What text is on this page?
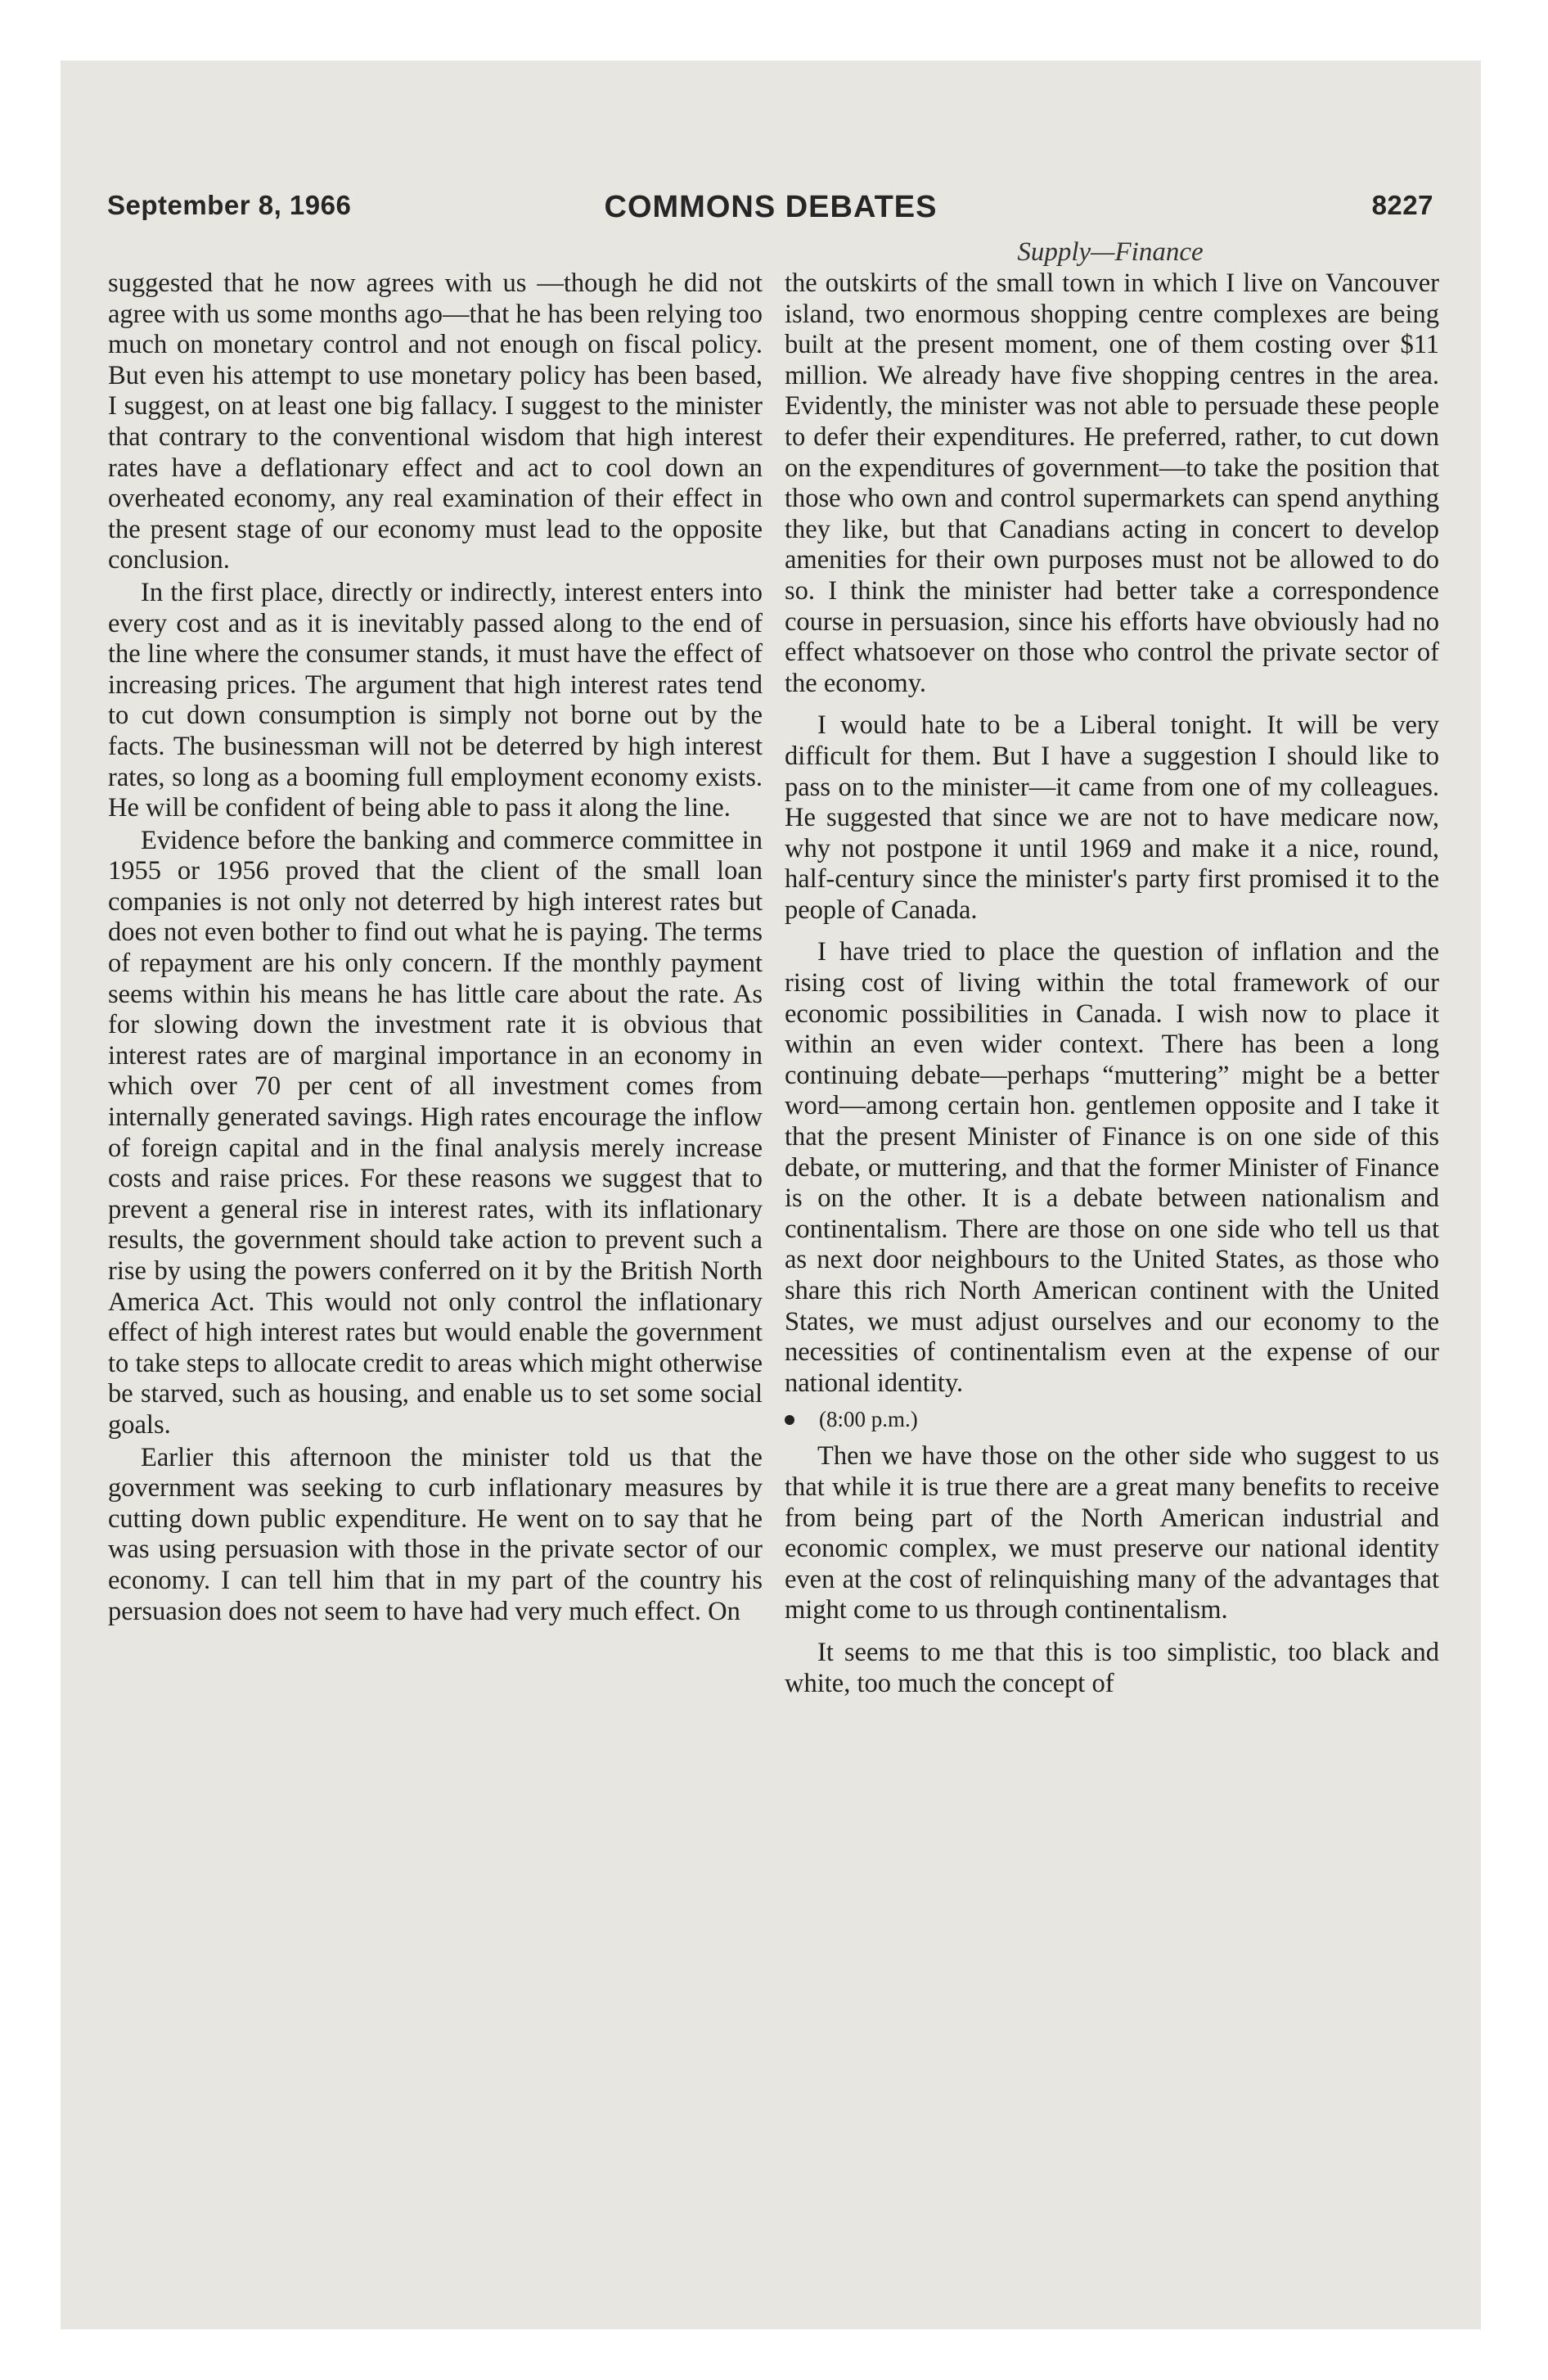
September 8, 1966	COMMONS DEBATES	8227
Supply—Finance

suggested that he now agrees with us —though he did not agree with us some months ago—that he has been relying too much on monetary control and not enough on fiscal policy. But even his attempt to use monetary policy has been based, I suggest, on at least one big fallacy. I suggest to the minister that contrary to the conventional wisdom that high interest rates have a deflationary effect and act to cool down an overheated economy, any real examination of their effect in the present stage of our economy must lead to the opposite conclusion.

In the first place, directly or indirectly, interest enters into every cost and as it is inevitably passed along to the end of the line where the consumer stands, it must have the effect of increasing prices. The argument that high interest rates tend to cut down consumption is simply not borne out by the facts. The businessman will not be deterred by high interest rates, so long as a booming full employment economy exists. He will be confident of being able to pass it along the line.

Evidence before the banking and commerce committee in 1955 or 1956 proved that the client of the small loan companies is not only not deterred by high interest rates but does not even bother to find out what he is paying. The terms of repayment are his only concern. If the monthly payment seems within his means he has little care about the rate. As for slowing down the investment rate it is obvious that interest rates are of marginal importance in an economy in which over 70 per cent of all investment comes from internally generated savings. High rates encourage the inflow of foreign capital and in the final analysis merely increase costs and raise prices. For these reasons we suggest that to prevent a general rise in interest rates, with its inflationary results, the government should take action to prevent such a rise by using the powers conferred on it by the British North America Act. This would not only control the inflationary effect of high interest rates but would enable the government to take steps to allocate credit to areas which might otherwise be starved, such as housing, and enable us to set some social goals.

Earlier this afternoon the minister told us that the government was seeking to curb inflationary measures by cutting down public expenditure. He went on to say that he was using persuasion with those in the private sector of our economy. I can tell him that in my part of the country his persuasion does not seem to have had very much effect. On

the outskirts of the small town in which I live on Vancouver island, two enormous shopping centre complexes are being built at the present moment, one of them costing over $11 million. We already have five shopping centres in the area. Evidently, the minister was not able to persuade these people to defer their expenditures. He preferred, rather, to cut down on the expenditures of government—to take the position that those who own and control supermarkets can spend anything they like, but that Canadians acting in concert to develop amenities for their own purposes must not be allowed to do so. I think the minister had better take a correspondence course in persuasion, since his efforts have obviously had no effect whatsoever on those who control the private sector of the economy.

I would hate to be a Liberal tonight. It will be very difficult for them. But I have a suggestion I should like to pass on to the minister—it came from one of my colleagues. He suggested that since we are not to have medicare now, why not postpone it until 1969 and make it a nice, round, half-century since the minister's party first promised it to the people of Canada.

I have tried to place the question of inflation and the rising cost of living within the total framework of our economic possibilities in Canada. I wish now to place it within an even wider context. There has been a long continuing debate—perhaps “muttering” might be a better word—among certain hon. gentlemen opposite and I take it that the present Minister of Finance is on one side of this debate, or muttering, and that the former Minister of Finance is on the other. It is a debate between nationalism and continentalism. There are those on one side who tell us that as next door neighbours to the United States, as those who share this rich North American continent with the United States, we must adjust ourselves and our economy to the necessities of continentalism even at the expense of our national identity.

(8:00 p.m.)

Then we have those on the other side who suggest to us that while it is true there are a great many benefits to receive from being part of the North American industrial and economic complex, we must preserve our national identity even at the cost of relinquishing many of the advantages that might come to us through continentalism.

It seems to me that this is too simplistic, too black and white, too much the concept of
